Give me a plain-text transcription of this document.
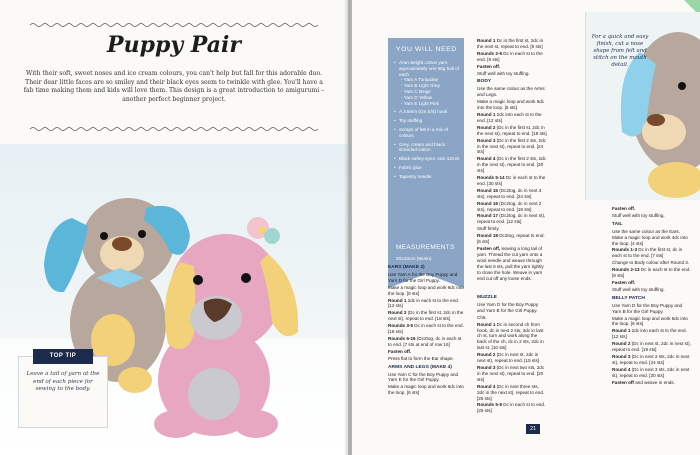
Puppy Pair

With their soft, sweet noses and ice cream colours, you can't help but fall for this adorable duo. Their dear little faces are so smiley and their black eyes seem to twinkle with glee. You'll have a fab time making them and kids will love them. This design is a great introduction to amigurumi – another perfect beginner project.

TOP TIP

Leave a tail of yarn at the end of each piece for sewing to the body.

YOU WILL NEED

• Aran weight cotton yarn, approximately one 50g ball of each
- Yarn A Turquoise
- Yarn B Light Grey
- Yarn C Beige
- Yarn D Yellow
- Yarn E Light Pink
• A 3.5mm (US E/4) hook
• Toy stuffing
• Scraps of felt in a mix of colours
• Grey, cream and black stranded cotton
• Black safety eyes, size 12mm
• Fabric glue
• Tapestry needle

MEASUREMENTS

20x10cm (8x4in)

Round 1 Dc in the first st, 2dc in the next st, repeat to end. [9 sts]

Rounds 2-9 Dc in each st to the end. [9 sts]

Fasten off.

Stuff well with toy stuffing.

BODY

Use the same colour as the Arms and Legs.

Make a magic loop and work 6dc into the loop. [6 sts]

Round 1 2dc into each st to the end. [12 sts]

Round 2 (Dc in the first st, 2dc in the next st), repeat to end. [18 sts]

Round 3 (Dc in the first 2 sts, 2dc in the next st), repeat to end. [24 sts]

Round 4 (Dc in the first 2 sts, 2dc in the next st), repeat to end. [30 sts]

Rounds 5-14 Dc in each st to the end. [30 sts]

Round 15 (Dc2tog, dc in next 3 sts), repeat to end. [24 sts]

Round 16 (Dc2tog, dc in next 2 sts), repeat to end. [18 sts]

Round 17 (Dc2tog, dc in next st), repeat to end. [12 sts]

Stuff firmly.

Round 18 Dc2tog, repeat to end. [6 sts]

Fasten off, leaving a long tail of yarn. Thread the cut yarn onto a wool needle and weave through the last 6 sts, pull the yarn tightly to close the hole. Weave in yarn end cut off any loose ends.

EARS (MAKE 2)

Use Yarn A for the Boy Puppy and Yarn D for the Girl Puppy.

Make a magic loop and work 6dc into the loop. [6 sts]

Round 1 2dc in each st to the end. [12 sts]

Round 2 (Dc in the first st, 2dc in the next st), repeat to end. [18 sts]

Rounds 3-5 Dc in each st to the end. [18 sts]

Rounds 6-16 (Dc2tog, dc in each st to end. [7 sts at end of row 16]

Fasten off.

Press flat to form the Ear shape.

ARMS AND LEGS (MAKE 4)

Use Yarn C for the Boy Puppy and Yarn E for the Girl Puppy.

Make a magic loop and work 6dc into the loop. [6 sts]

MUZZLE

Use Yarn D for the Boy Puppy and Yarn B for the Girl Puppy.

Ch5.

Round 1 Dc in second ch from hook, dc in next 2 sts, 3dc in last ch st, turn and work along the back of the ch, dc in 2 sts, 2dc in last st. [10 sts]

Round 2 (Dc in next st, 2dc in next st), repeat to end. [15 sts]

Round 3 (Dc in next two sts, 2dc in the next st), repeat to end. [20 sts]

Round 4 (Dc in next three sts, 2dc in the next st), repeat to end. [25 sts]

Rounds 5-9 Dc in each st to end. [25 sts]

For a quick and easy finish, cut a nose shape from felt and stitch on the mouth detail.

Fasten off.

Stuff well with toy stuffing.

TAIL

Use the same colour as the Ears. Make a magic loop and work 4dc into the loop. [4 sts]

Rounds 1-3 Dc in the first st, dc in each st to the end. [7 sts]

Change to Body colour after Round 3.

Rounds 2-13 Dc in each st to the end. [9 sts]

Fasten off.

Stuff well with toy stuffing.

BELLY PATCH

Use Yarn D for the Boy Puppy and Yarn B for the Girl Puppy.

Make a magic loop and work 6dc into the loop. [6 sts]

Round 1 2dc into each st to the end. [12 sts]

Round 2 (Dc in next st, 2dc in next st), repeat to end. [18 sts]

Round 3 (Dc in next 2 sts, 2dc in next st), repeat to end. [24 sts]

Round 4 (Dc in next 3 sts, 2dc in next st), repeat to end. [30 sts]

Fasten off and weave in ends.

21
